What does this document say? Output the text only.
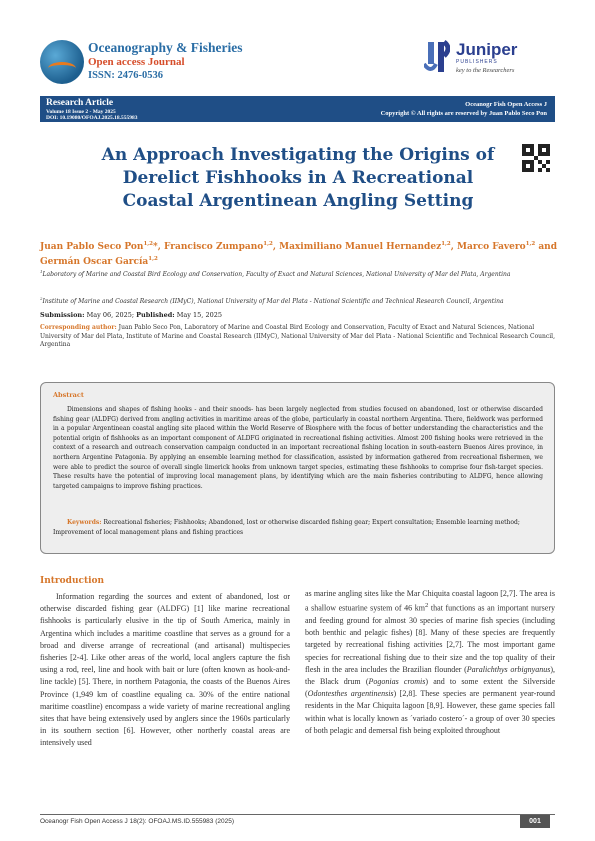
Oceanography & Fisheries
Open access Journal
ISSN: 2476-0536
Juniper
PUBLISHERS
key to the Researchers
Research Article
Volume 18 Issue 2 - May 2025
DOI: 10.19080/OFOAJ.2025.18.555983
Oceanogr Fish Open Access J
Copyright © All rights are reserved by Juan Pablo Seco Pon
An Approach Investigating the Origins of Derelict Fishhooks in A Recreational Coastal Argentinean Angling Setting
Juan Pablo Seco Pon$^{1,2}$*, Francisco Zumpano$^{1,2}$, Maximiliano Manuel Hernandez$^{1,2}$, Marco Favero$^{1,2}$ and Germán Oscar García$^{1,2}$
$^1$Laboratory of Marine and Coastal Bird Ecology and Conservation, Faculty of Exact and Natural Sciences, National University of Mar del Plata, Argentina
$^2$Institute of Marine and Coastal Research (IIMyC), National University of Mar del Plata - National Scientific and Technical Research Council, Argentina
Submission: May 06, 2025; Published: May 15, 2025
Corresponding author: Juan Pablo Seco Pon, Laboratory of Marine and Coastal Bird Ecology and Conservation, Faculty of Exact and Natural Sciences, National University of Mar del Plata, Institute of Marine and Coastal Research (IIMyC), National University of Mar del Plata - National Scientific and Technical Research Council, Argentina
Abstract
Dimensions and shapes of fishing hooks - and their snoods- has been largely neglected from studies focused on abandoned, lost or otherwise discarded fishing gear (ALDFG) derived from angling activities in maritime areas of the globe, particularly in coastal northern Argentina. There, fieldwork was performed in a popular Argentinean coastal angling site placed within the World Reserve of Biosphere with the focus of better understanding the characteristics and the potential origin of fishhooks as an important component of ALDFG originated in recreational fishing activities. Almost 200 fishing hooks were retrieved in the context of a research and outreach conservation campaign conducted in an important recreational fishing location in south-eastern Buenos Aires province, in northern Argentine Patagonia. By applying an ensemble learning method for classification, assisted by information gathered from recreational fishermen, we were able to predict the source of overall single limerick hooks from unknown target species, estimating these fishhooks to comprise four fish-target species. These results have the potential of improving local management plans, by identifying which are the main fisheries contributing to ALDFG, hence allowing targeted campaigns to improve fishing practices.
Keywords: Recreational fisheries; Fishhooks; Abandoned, lost or otherwise discarded fishing gear; Expert consultation; Ensemble learning method; Improvement of local management plans and fishing practices
Introduction
Information regarding the sources and extent of abandoned, lost or otherwise discarded fishing gear (ALDFG) [1] like marine recreational fishhooks is particularly elusive in the tip of South America, mainly in Argentina which includes a maritime coastline that serves as a ground for a broad and diverse arrange of recreational (and artisanal) multispecies fisheries [2-4]. Like other areas of the world, local anglers capture the fish using a rod, reel, line and hook with bait or lure (often known as hook-and-line tackle) [5]. There, in northern Patagonia, the coasts of the Buenos Aires Province (1,949 km of coastline equaling ca. 30% of the entire national maritime coastline) encompass a wide variety of marine recreational angling sites that have being extensively used by anglers since the 1960s particularly in its southern section [6]. However, other northerly coastal areas are intensively used
as marine angling sites like the Mar Chiquita coastal lagoon [2,7]. The area is a shallow estuarine system of 46 $km^2$ that functions as an important nursery and feeding ground for almost 30 species of marine fish species (including both benthic and pelagic fishes) [8]. Many of these species are frequently targeted by recreational fishing activities [2,7]. The most important game species for recreational fishing due to their size and the top quality of their flesh in the area includes the Brazilian flounder (Paralichthys orbignyanus), the Black drum (Pogonias cromis) and to some extent the Silverside (Odontesthes argentinensis) [2,8]. These species are permanent year-round residents in the Mar Chiquita lagoon [8,9]. However, these game species fall within what is locally known as ´variado costero´- a group of over 30 species of both pelagic and demersal fish being exploited throughout
Oceanogr Fish Open Access J 18(2): OFOAJ.MS.ID.555983 (2025)	001
